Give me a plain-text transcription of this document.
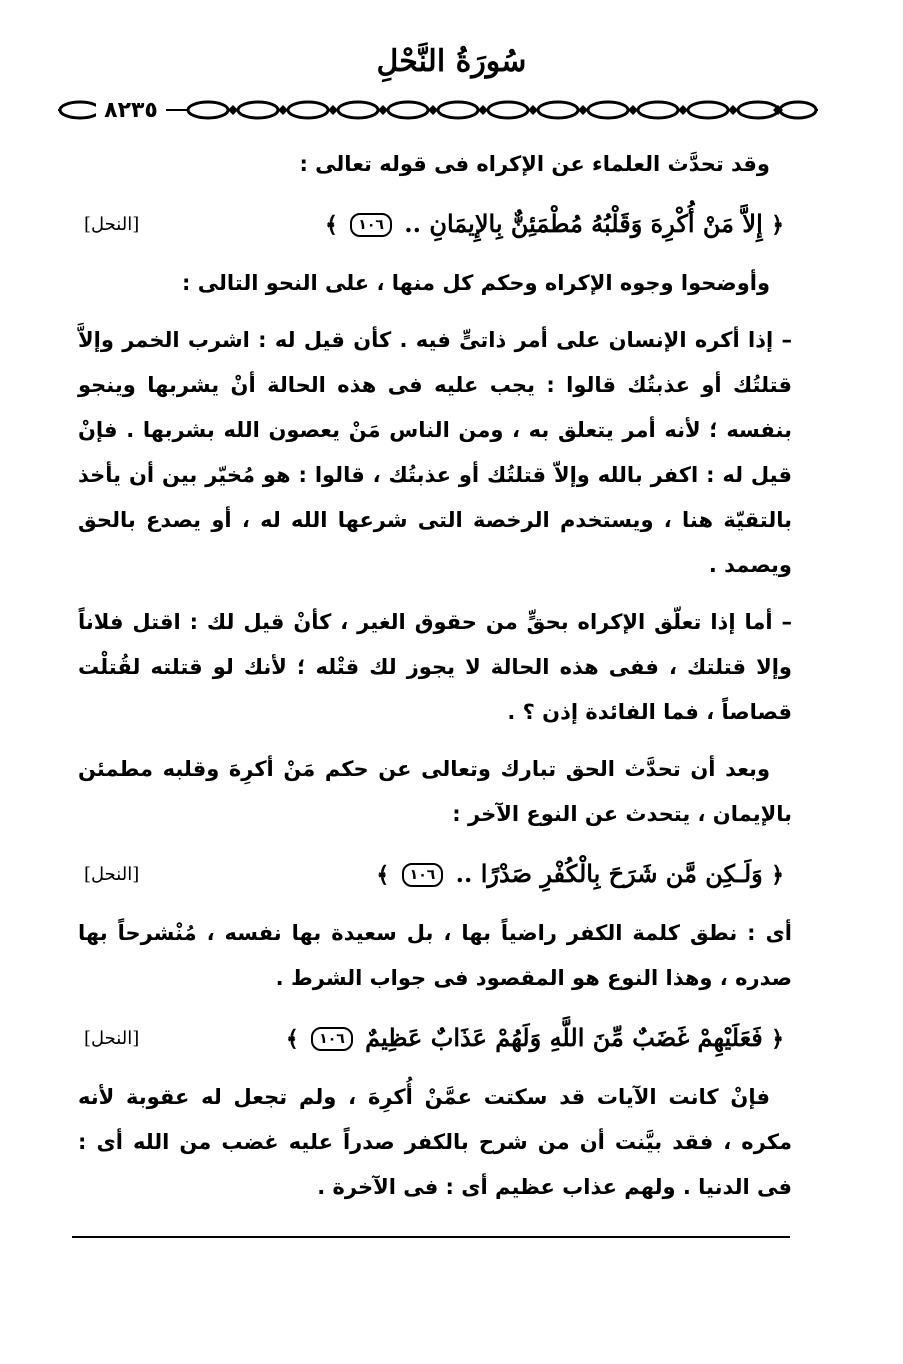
سُورَةُ النَّحْلِ
٨٢٣٥

وقد تحدَّث العلماء عن الإكراه فى قوله تعالى :

﴿ إِلاَّ مَنْ أُكْرِهَ وَقَلْبُهُ مُطْمَئِنٌّ بِالإِيمَانِ .. ١٠٦ ﴾
[النحل]

وأوضحوا وجوه الإكراه وحكم كل منها ، على النحو التالى :

– إذا أكره الإنسان على أمر ذاتىٍّ فيه . كأن قيل له : اشرب الخمر وإلاَّ قتلتُك أو عذبتُك قالوا : يجب عليه فى هذه الحالة أنْ يشربها وينجو بنفسه ؛ لأنه أمر يتعلق به ، ومن الناس مَنْ يعصون الله بشربها . فإنْ قيل له : اكفر بالله وإلاّ قتلتُك أو عذبتُك ، قالوا : هو مُخيّر بين أن يأخذ بالتقيّة هنا ، ويستخدم الرخصة التى شرعها الله له ، أو يصدع بالحق ويصمد .

– أما إذا تعلّق الإكراه بحقٍّ من حقوق الغير ، كأنْ قيل لك : اقتل فلاناً وإلا قتلتك ، ففى هذه الحالة لا يجوز لك قتْله ؛ لأنك لو قتلته لقُتلْت قصاصاً ، فما الفائدة إذن ؟ .

وبعد أن تحدَّث الحق تبارك وتعالى عن حكم مَنْ أكرِهَ وقلبه مطمئن بالإيمان ، يتحدث عن النوع الآخر :

﴿ وَلَـكِن مَّن شَرَحَ بِالْكُفْرِ صَدْرًا .. ١٠٦ ﴾
[النحل]

أى : نطق كلمة الكفر راضياً بها ، بل سعيدة بها نفسه ، مُنْشرحاً بها صدره ، وهذا النوع هو المقصود فى جواب الشرط .

﴿ فَعَلَيْهِمْ غَضَبٌ مِّنَ اللَّهِ وَلَهُمْ عَذَابٌ عَظِيمٌ ١٠٦ ﴾
[النحل]

فإنْ كانت الآيات قد سكتت عمَّنْ أُكرِهَ ، ولم تجعل له عقوبة لأنه مكره ، فقد بيَّنت أن من شرح بالكفر صدراً عليه غضب من الله أى : فى الدنيا . ولهم عذاب عظيم أى : فى الآخرة .
